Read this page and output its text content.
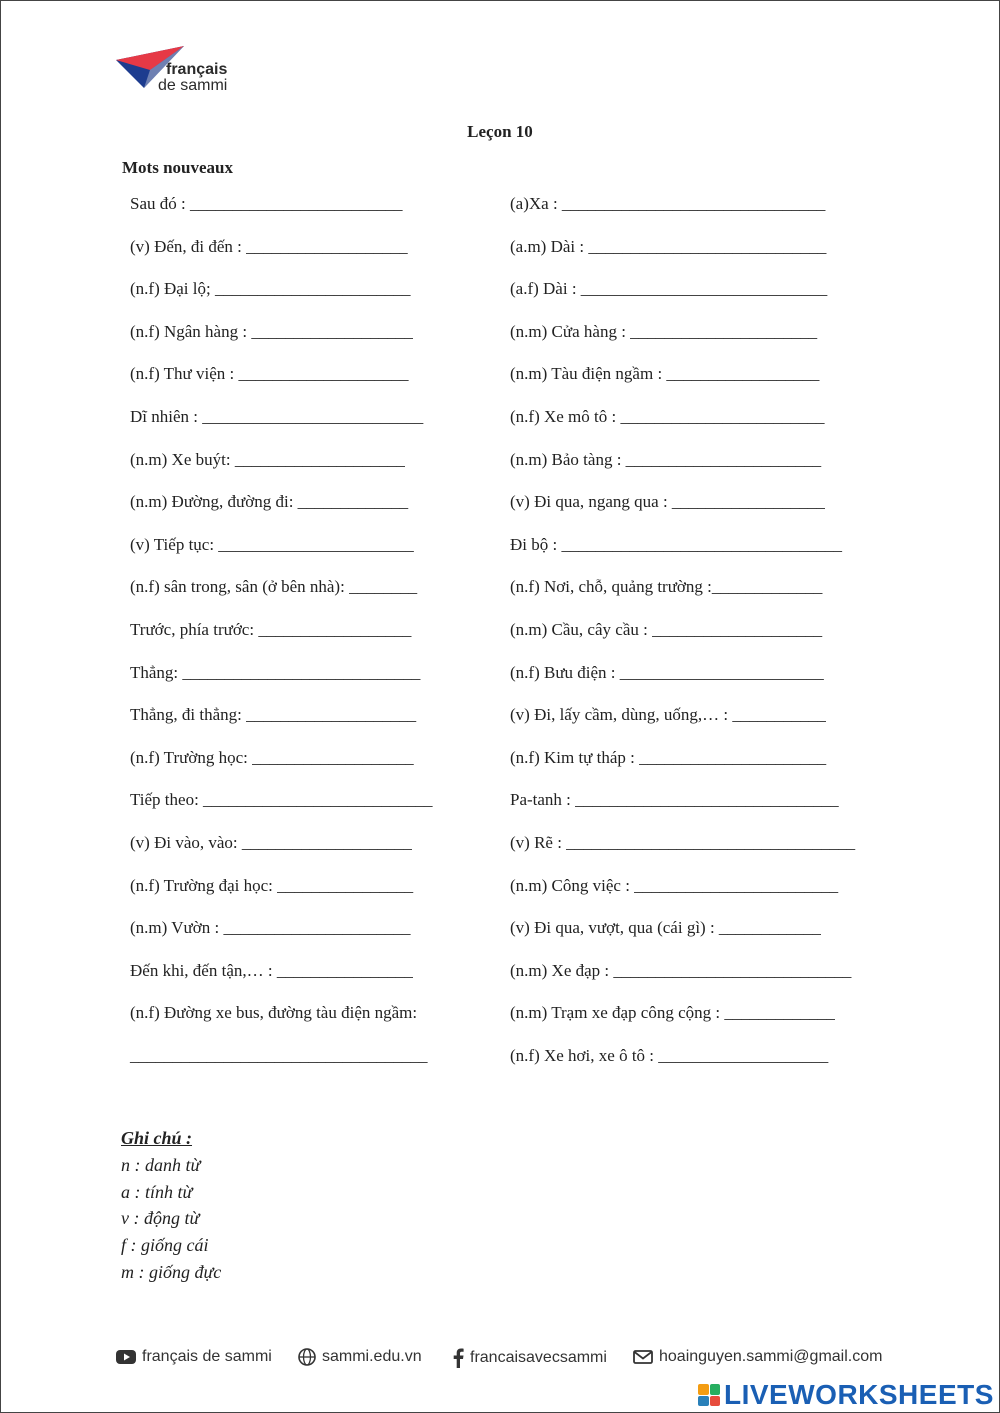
français
de sammi
Leçon 10
Mots nouveaux
Sau đó : _________________________
(v) Đến, đi đến : ___________________
(n.f) Đại lộ; _______________________
(n.f) Ngân hàng : ___________________
(n.f) Thư viện : ____________________
Dĩ nhiên : __________________________
(n.m) Xe buýt: ____________________
(n.m) Đường, đường đi: _____________
(v) Tiếp tục: _______________________
(n.f) sân trong, sân (ở bên nhà): ________
Trước, phía trước: __________________
Thẳng: ____________________________
Thẳng, đi thẳng: ____________________
(n.f) Trường học: ___________________
Tiếp theo: ___________________________
(v) Đi vào, vào: ____________________
(n.f) Trường đại học: ________________
(n.m) Vườn : ______________________
Đến khi, đến tận,… : ________________
(n.f) Đường xe bus, đường tàu điện ngầm:
___________________________________
(a)Xa : _______________________________
(a.m) Dài : ____________________________
(a.f) Dài : _____________________________
(n.m) Cửa hàng : ______________________
(n.m) Tàu điện ngầm : __________________
(n.f) Xe mô tô : ________________________
(n.m) Bảo tàng : _______________________
(v) Đi qua, ngang qua : __________________
Đi bộ : _________________________________
(n.f) Nơi, chỗ, quảng trường :_____________
(n.m) Cầu, cây cầu : ____________________
(n.f) Bưu điện : ________________________
(v) Đi, lấy cầm, dùng, uống,… : ___________
(n.f) Kim tự tháp : ______________________
Pa-tanh : _______________________________
(v) Rẽ : __________________________________
(n.m) Công việc : ________________________
(v) Đi qua, vượt, qua (cái gì) : ____________
(n.m) Xe đạp : ____________________________
(n.m) Trạm xe đạp công cộng : _____________
(n.f) Xe hơi, xe ô tô : ____________________
Ghi chú :
n : danh từ
a : tính từ
v : động từ
f : giống cái
m : giống đực
français de sammi	sammi.edu.vn	francaisavecsammi	hoainguyen.sammi@gmail.com
LIVEWORKSHEETS
